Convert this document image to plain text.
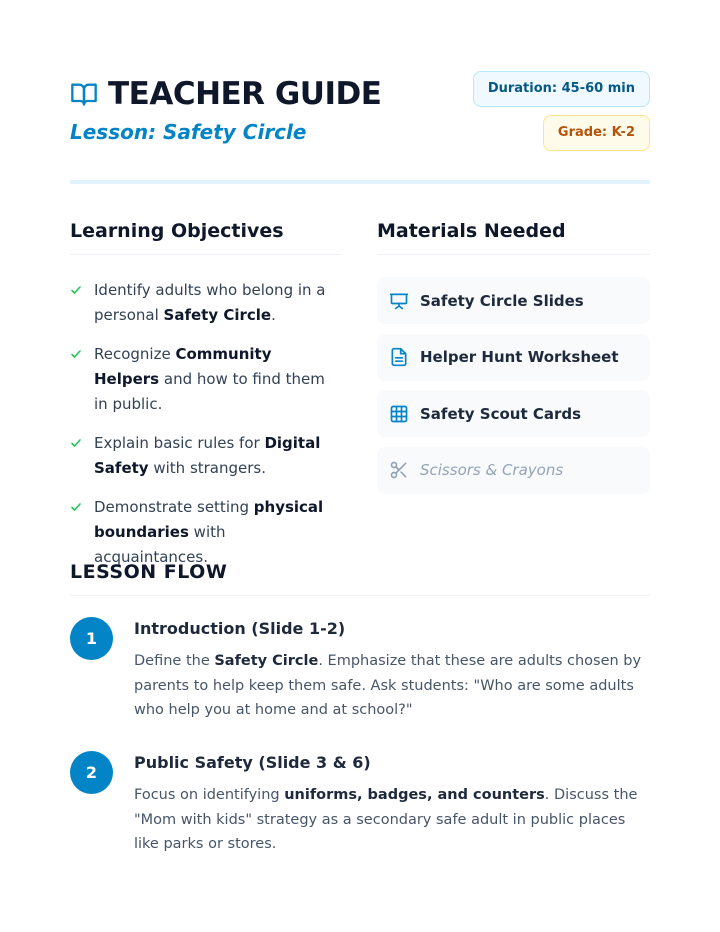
TEACHER GUIDE
Lesson: Safety Circle
Duration: 45-60 min
Grade: K-2
Learning Objectives
Identify adults who belong in a personal Safety Circle.
Recognize Community Helpers and how to find them in public.
Explain basic rules for Digital Safety with strangers.
Demonstrate setting physical boundaries with acquaintances.
Materials Needed
Safety Circle Slides
Helper Hunt Worksheet
Safety Scout Cards
Scissors & Crayons
LESSON FLOW
1
Introduction (Slide 1-2)
Define the Safety Circle. Emphasize that these are adults chosen by parents to help keep them safe. Ask students: "Who are some adults who help you at home and at school?"
2
Public Safety (Slide 3 & 6)
Focus on identifying uniforms, badges, and counters. Discuss the "Mom with kids" strategy as a secondary safe adult in public places like parks or stores.
